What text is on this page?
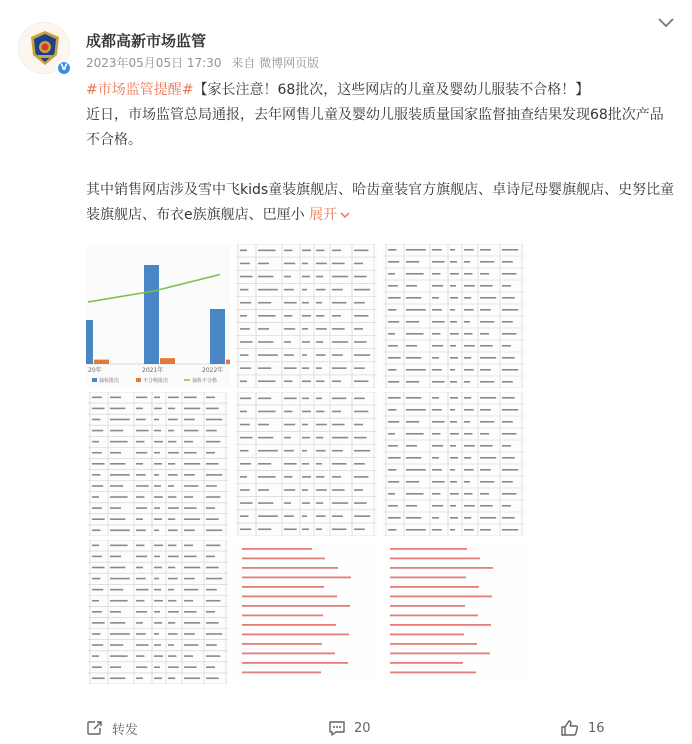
V
成都高新市场监管
2023年05月05日 17:30 来自 微博网页版

#市场监管提醒#【家长注意！68批次，这些网店的儿童及婴幼儿服装不合格！】

近日，市场监管总局通报，去年网售儿童及婴幼儿服装质量国家监督抽查结果发现68批次产品不合格。

其中销售网店涉及雪中飞kids童装旗舰店、哈齿童装官方旗舰店、卓诗尼母婴旗舰店、史努比童装旗舰店、布衣e族旗舰店、巴厘小 展开

20年	2021年	2022年
抽检批次	不合格批次	抽检不合格
转发	20	16
